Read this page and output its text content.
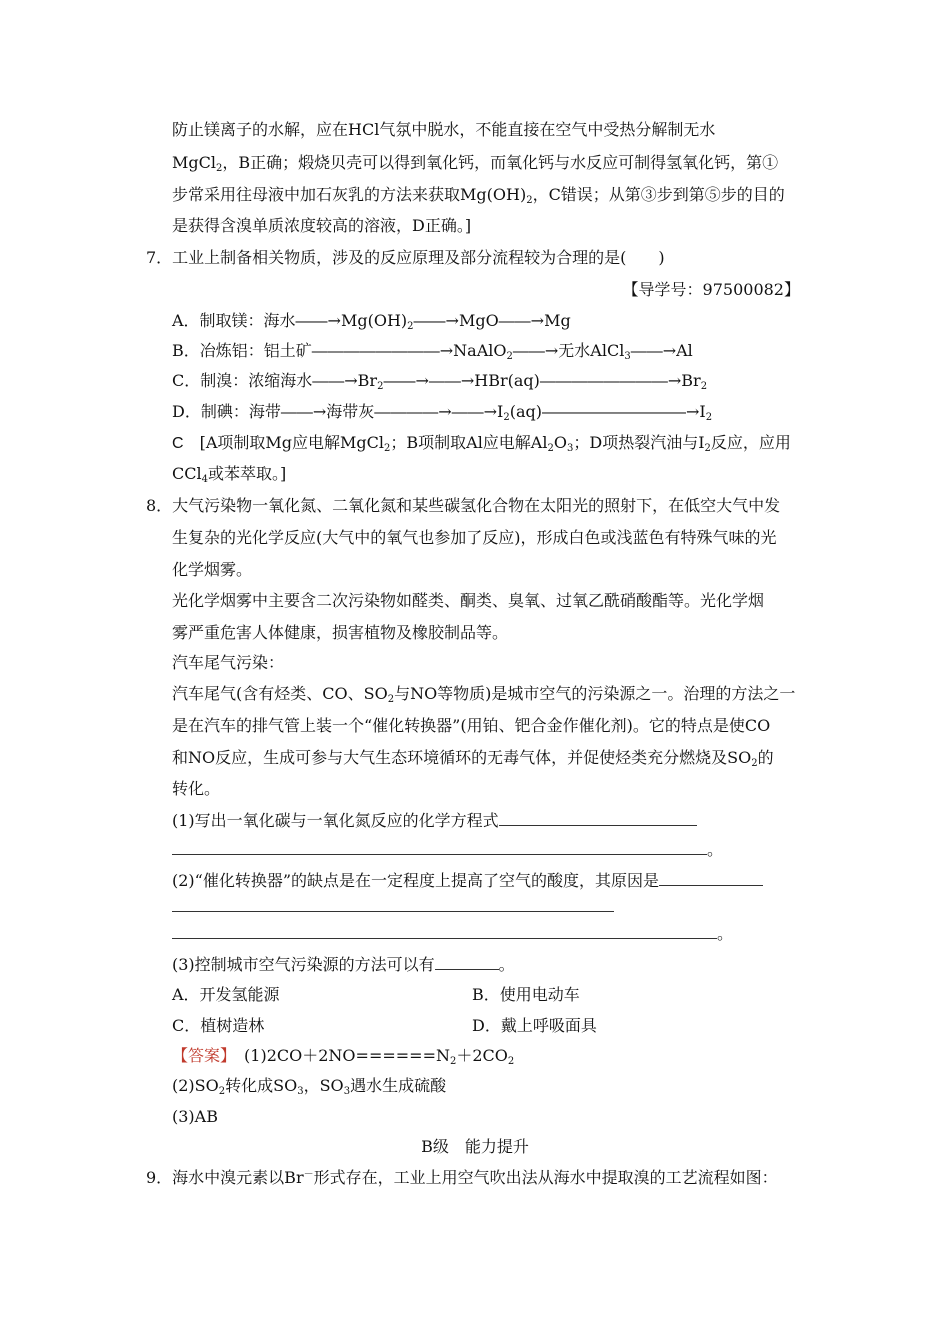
防止镁离子的水解，应在HCl气氛中脱水，不能直接在空气中受热分解制无水
MgCl$_2$，B正确；煅烧贝壳可以得到氧化钙，而氧化钙与水反应可制得氢氧化钙，第①
步常采用往母液中加石灰乳的方法来获取$Mg(OH)_2$，C错误；从第③步到第⑤步的目的
是获得含溴单质浓度较高的溶液，D正确。]
7．工业上制备相关物质，涉及的反应原理及部分流程较为合理的是(　　)
【导学号：97500082】
A．制取镁：海水$――\to Mg(OH)_2――\to MgO――\to Mg$
B．冶炼铝：铝土矿――――――――→NaAlO$_2$――→无水AlCl$_3$――→Al
C．制溴：浓缩海水$――\to Br_2――\to――\to HBr(aq)――――――――\to Br_2$
D．制碘：海带――→海带灰$――――\to――\to I_2(aq)―――――――――\to I_2$
C　 [A项制取Mg应电解MgCl$_2$；B项制取Al应电解$Al_2O_3$；D项热裂汽油与$I_2$反应，应用
CCl$_4$或苯萃取。]
8．大气污染物一氧化氮、二氧化氮和某些碳氢化合物在太阳光的照射下，在低空大气中发
生复杂的光化学反应(大气中的氧气也参加了反应)，形成白色或浅蓝色有特殊气味的光
化学烟雾。
光化学烟雾中主要含二次污染物如醛类、酮类、臭氧、过氧乙酰硝酸酯等。光化学烟
雾严重危害人体健康，损害植物及橡胶制品等。
汽车尾气污染：
汽车尾气(含有烃类、CO、$SO_2$与NO等物质)是城市空气的污染源之一。治理的方法之一
是在汽车的排气管上装一个“催化转换器”(用铂、钯合金作催化剂)。它的特点是使CO
和NO反应，生成可参与大气生态环境循环的无毒气体，并促使烃类充分燃烧及$SO_2$的
转化。
(1)写出一氧化碳与一氧化氮反应的化学方程式
。
(2)“催化转换器”的缺点是在一定程度上提高了空气的酸度，其原因是
。
(3)控制城市空气污染源的方法可以有	。
A．开发氢能源	B．使用电动车
C．植树造林	D．戴上呼吸面具
【答案】　 $(1)2CO+2NO======N_2+2CO_2$
$(2)SO_2$转化成$SO_3$，$SO_3$遇水生成硫酸
(3)AB
B级　能力提升
9．海水中溴元素以Br－形式存在，工业上用空气吹出法从海水中提取溴的工艺流程如图：
